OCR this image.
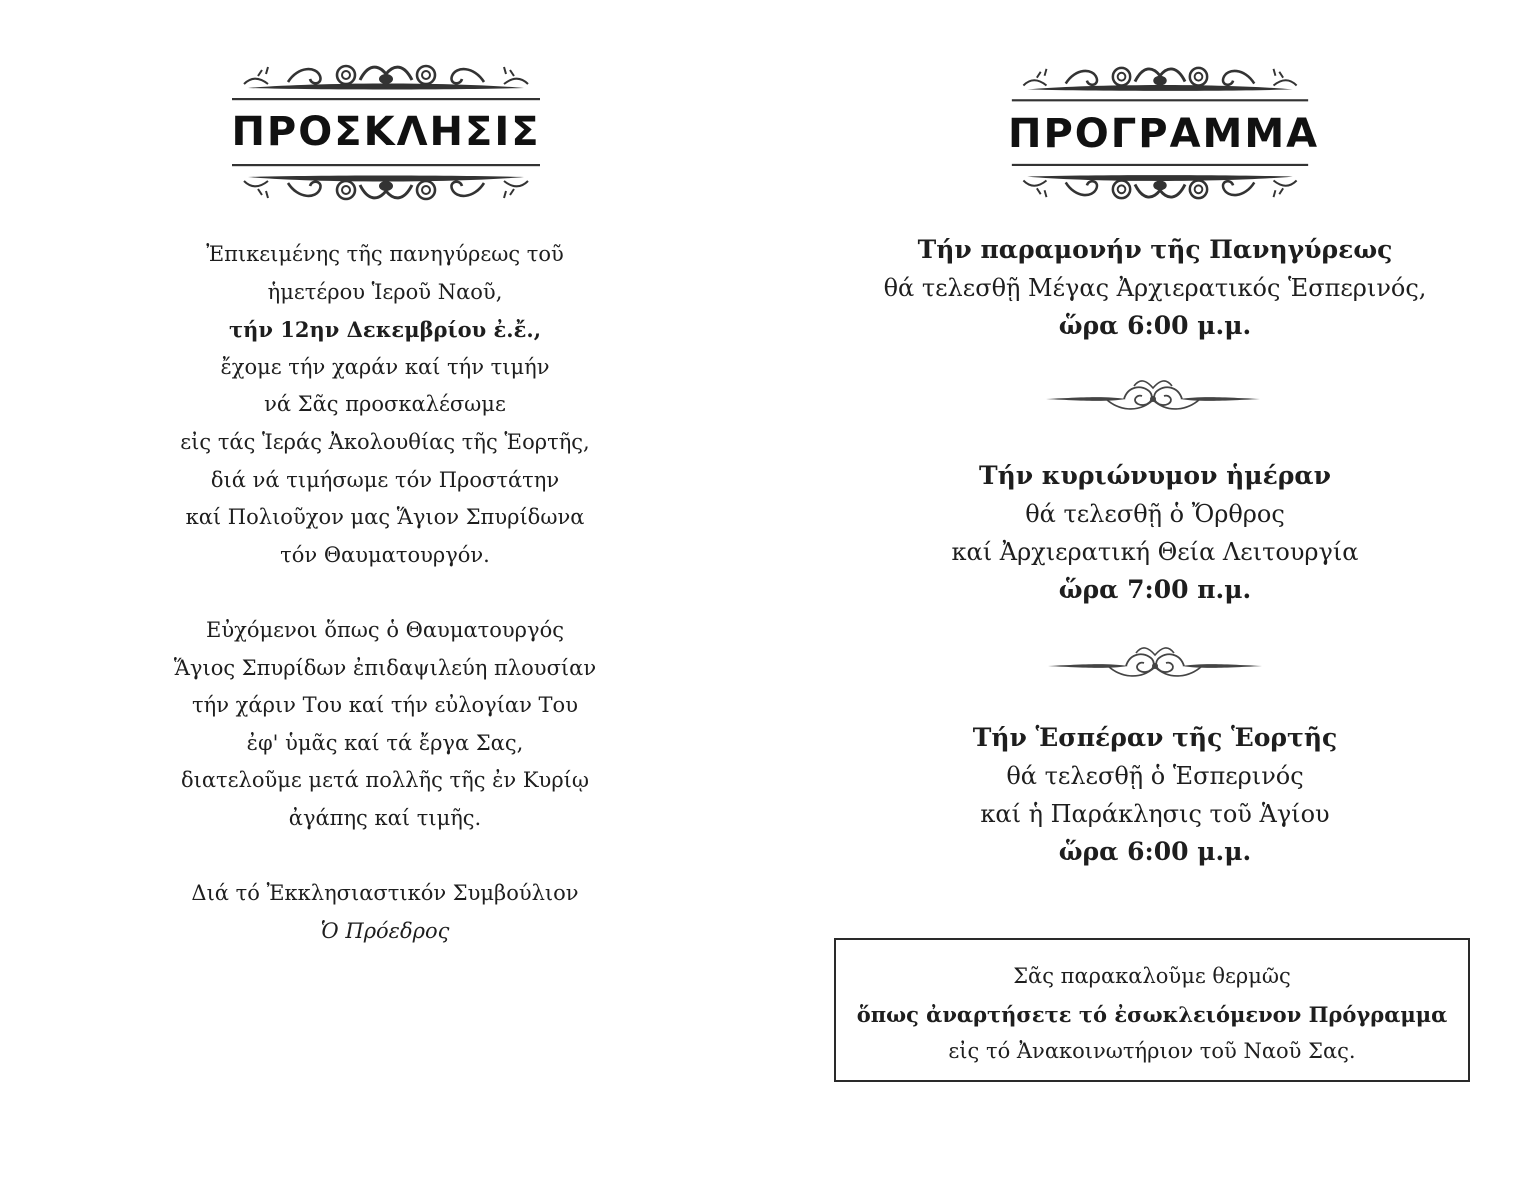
ΠΡΟΣΚΛΗΣΙΣ
Ἐπικειμένης τῆς πανηγύρεως τοῦ
ἡμετέρου Ἱεροῦ Ναοῦ,
τήν 12ην Δεκεμβρίου ἐ.ἔ.,
ἔχομε τήν χαράν καί τήν τιμήν
νά Σᾶς προσκαλέσωμε
εἰς τάς Ἱεράς Ἀκολουθίας τῆς Ἑορτῆς,
διά νά τιμήσωμε τόν Προστάτην
καί Πολιοῦχον μας Ἅγιον Σπυρίδωνα
τόν Θαυματουργόν.
Εὐχόμενοι ὅπως ὁ Θαυματουργός
Ἅγιος Σπυρίδων ἐπιδαψιλεύη πλουσίαν
τήν χάριν Του καί τήν εὐλογίαν Του
ἐφ' ὑμᾶς καί τά ἔργα Σας,
διατελοῦμε μετά πολλῆς τῆς ἐν Κυρίῳ
ἀγάπης καί τιμῆς.
Διά τό Ἐκκλησιαστικόν Συμβούλιον
Ὁ Πρόεδρος
ΠΡΟΓΡΑΜΜΑ
Τήν παραμονήν τῆς Πανηγύρεως
θά τελεσθῇ Μέγας Ἀρχιερατικός Ἑσπερινός,
ὥρα 6:00 μ.μ.
Τήν κυριώνυμον ἡμέραν
θά τελεσθῇ ὁ Ὄρθρος
καί Ἀρχιερατική Θεία Λειτουργία
ὥρα 7:00 π.μ.
Τήν Ἑσπέραν τῆς Ἑορτῆς
θά τελεσθῇ ὁ Ἑσπερινός
καί ἡ Παράκλησις τοῦ Ἁγίου
ὥρα 6:00 μ.μ.
Σᾶς παρακαλοῦμε θερμῶς
ὅπως ἀναρτήσετε τό ἐσωκλειόμενον Πρόγραμμα
εἰς τό Ἀνακοινωτήριον τοῦ Ναοῦ Σας.
